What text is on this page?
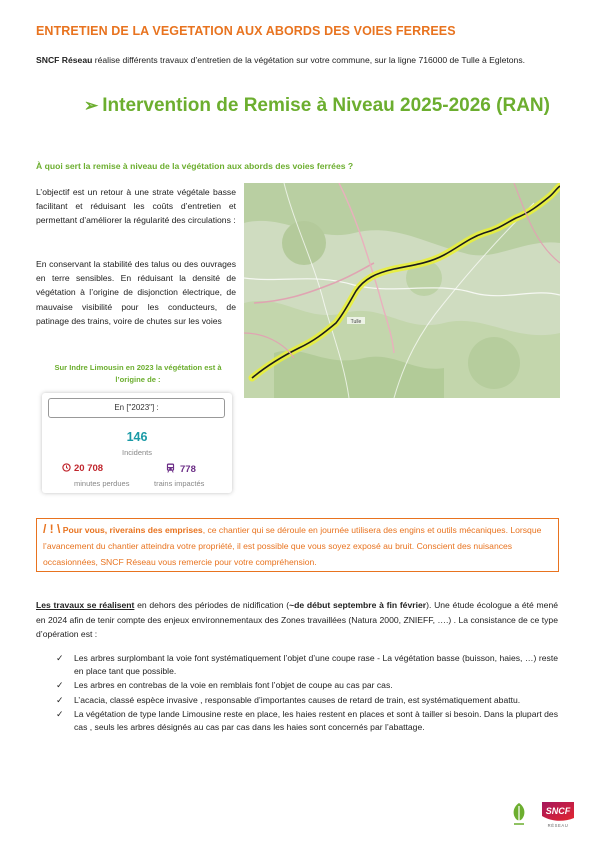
ENTRETIEN DE LA VEGETATION AUX ABORDS DES VOIES FERREES
SNCF Réseau réalise différents travaux d’entretien de la végétation sur votre commune, sur la ligne 716000 de Tulle à Egletons.
➢ Intervention de Remise à Niveau 2025-2026 (RAN)
À quoi sert la remise à niveau de la végétation aux abords des voies ferrées ?
L’objectif est un retour à une strate végétale basse facilitant et réduisant les coûts d’entretien et permettant d’améliorer la régularité des circulations :
En conservant la stabilité des talus ou des ouvrages en terre sensibles. En réduisant la densité de végétation à l’origine de disjonction électrique, de mauvaise visibilité pour les conducteurs, de patinage des trains, voire de chutes sur les voies
Sur Indre Limousin en 2023 la végétation est à l’origine de :
En ["2023"] :
146
Incidents
20 708
minutes perdues
778
trains impactés
Tulle
/ ! \ Pour vous, riverains des emprises, ce chantier qui se déroule en journée utilisera des engins et outils mécaniques. Lorsque l’avancement du chantier atteindra votre propriété, il est possible que vous soyez exposé au bruit. Conscient des nuisances occasionnées, SNCF Réseau vous remercie pour votre compréhension.
Les travaux se réalisent en dehors des périodes de nidification (~de début septembre à fin février). Une étude écologue a été mené en 2024 afin de tenir compte des enjeux environnementaux des Zones travaillées (Natura 2000, ZNIEFF, ….) . La consistance de ce type d’opération est :
✓ Les arbres surplombant la voie font systématiquement l’objet d’une coupe rase - La végétation basse (buisson, haies, …) reste en place tant que possible.
✓ Les arbres en contrebas de la voie en remblais font l’objet de coupe au cas par cas.
✓ L’acacia, classé espèce invasive , responsable d’importantes causes de retard de train, est systématiquement abattu.
✓ La végétation de type lande Limousine reste en place, les haies restent en places et sont à tailler si besoin. Dans la plupart des cas , seuls les arbres désignés au cas par cas dans les haies sont concernés par l’abattage.
SNCF
RÉSEAU
